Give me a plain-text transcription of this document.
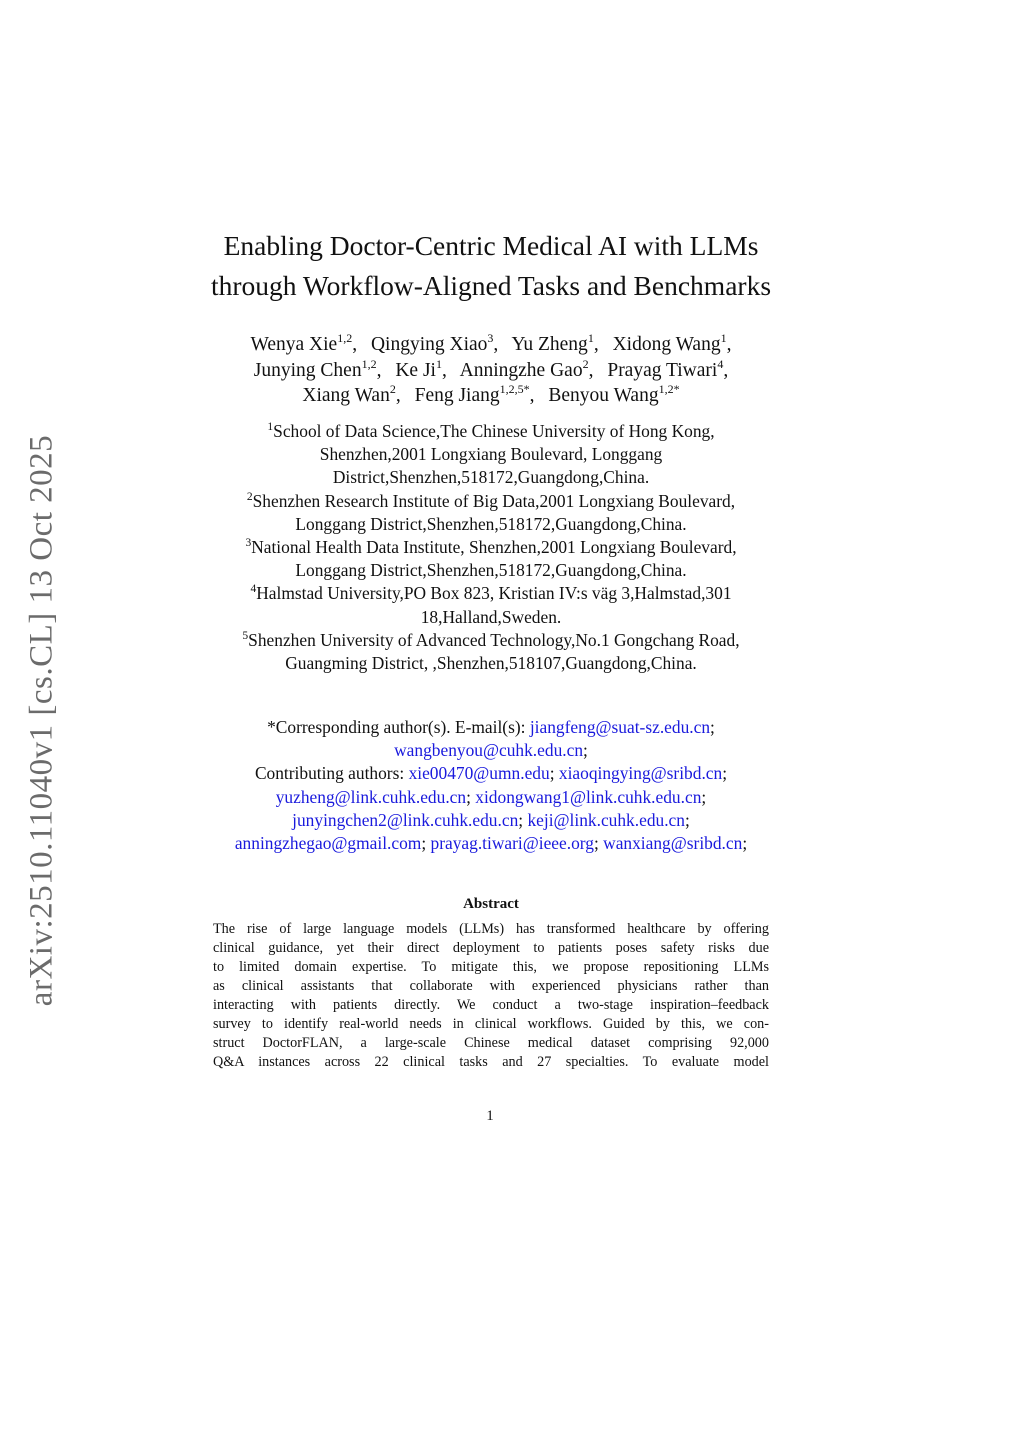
arXiv:2510.11040v1 [cs.CL] 13 Oct 2025
Enabling Doctor-Centric Medical AI with LLMs
through Workflow-Aligned Tasks and Benchmarks
Wenya Xie$^{1,2}$, Qingying Xiao$^3$, Yu Zheng$^1$, Xidong Wang$^1$,
Junying Chen$^{1,2}$, Ke Ji$^1$, Anningzhe Gao$^2$, Prayag Tiwari$^4$,
Xiang Wan$^2$, Feng Jiang$^{1,2,5*}$, Benyou Wang$^{1,2*}$
$^1$School of Data Science,The Chinese University of Hong Kong,
Shenzhen,2001 Longxiang Boulevard, Longgang
District,Shenzhen,518172,Guangdong,China.
$^2$Shenzhen Research Institute of Big Data,2001 Longxiang Boulevard,
Longgang District,Shenzhen,518172,Guangdong,China.
$^3$National Health Data Institute, Shenzhen,2001 Longxiang Boulevard,
Longgang District,Shenzhen,518172,Guangdong,China.
$^4$Halmstad University,PO Box 823, Kristian IV:s väg 3,Halmstad,301
18,Halland,Sweden.
$^5$Shenzhen University of Advanced Technology,No.1 Gongchang Road,
Guangming District, ,Shenzhen,518107,Guangdong,China.
*Corresponding author(s). E-mail(s): jiangfeng@suat-sz.edu.cn;
wangbenyou@cuhk.edu.cn;
Contributing authors: xie00470@umn.edu; xiaoqingying@sribd.cn;
yuzheng@link.cuhk.edu.cn; xidongwang1@link.cuhk.edu.cn;
junyingchen2@link.cuhk.edu.cn; keji@link.cuhk.edu.cn;
anningzhegao@gmail.com; prayag.tiwari@ieee.org; wanxiang@sribd.cn;
Abstract
The rise of large language models (LLMs) has transformed healthcare by offering
clinical guidance, yet their direct deployment to patients poses safety risks due
to limited domain expertise. To mitigate this, we propose repositioning LLMs
as clinical assistants that collaborate with experienced physicians rather than
interacting with patients directly. We conduct a two-stage inspiration–feedback
survey to identify real-world needs in clinical workflows. Guided by this, we con-
struct DoctorFLAN, a large-scale Chinese medical dataset comprising 92,000
Q&A instances across 22 clinical tasks and 27 specialties. To evaluate model
1
